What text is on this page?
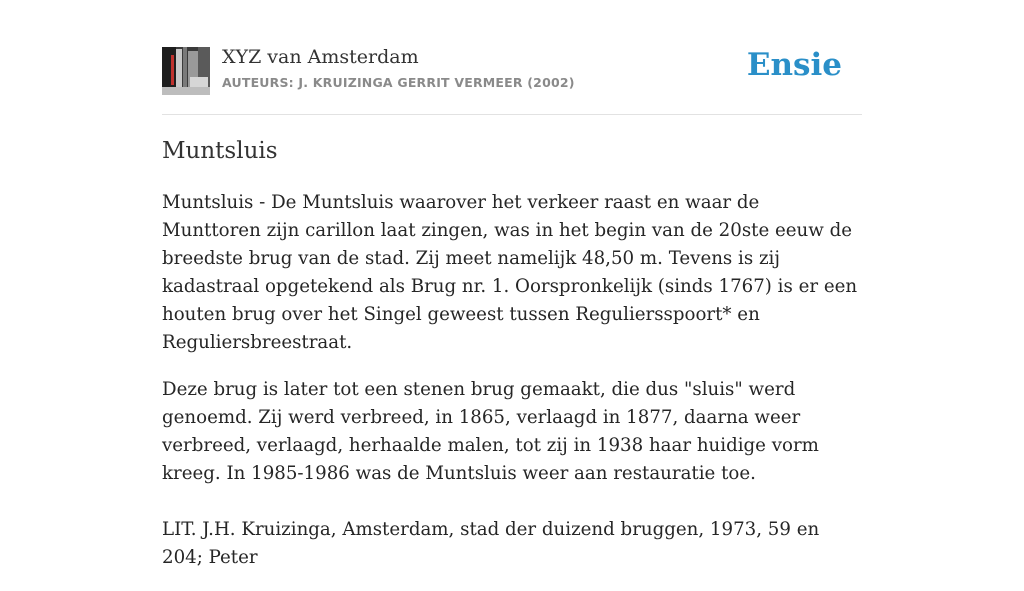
XYZ van Amsterdam
AUTEURS: J. KRUIZINGA GERRIT VERMEER (2002)	Ensie
Muntsluis

Muntsluis - De Muntsluis waarover het verkeer raast en waar de Munttoren zijn carillon laat zingen, was in het begin van de 20ste eeuw de breedste brug van de stad. Zij meet namelijk 48,50 m. Tevens is zij kadastraal opgetekend als Brug nr. 1. Oorspronkelijk (sinds 1767) is er een houten brug over het Singel geweest tussen Reguliersspoort* en Reguliersbreestraat.

Deze brug is later tot een stenen brug gemaakt, die dus "sluis" werd genoemd. Zij werd verbreed, in 1865, verlaagd in 1877, daarna weer verbreed, verlaagd, herhaalde malen, tot zij in 1938 haar huidige vorm kreeg. In 1985-1986 was de Muntsluis weer aan restauratie toe.

LIT. J.H. Kruizinga, Amsterdam, stad der duizend bruggen, 1973, 59 en 204; Peter
